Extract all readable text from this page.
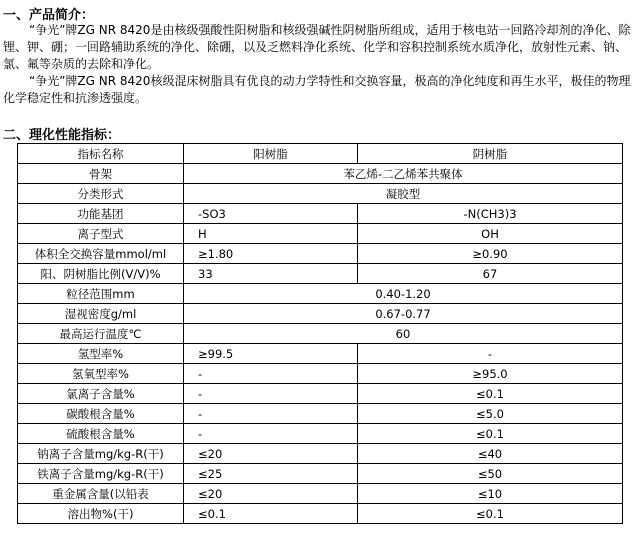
一、产品简介：
“争光”牌ZG NR 8420是由核级强酸性阳树脂和核级强碱性阴树脂所组成，适用于核电站一回路冷却剂的净化、除锂、钾、硼；一回路辅助系统的净化、除硼，以及乏燃料净化系统、化学和容积控制系统水质净化，放射性元素、钠、氯、氟等杂质的去除和净化。
“争光”牌ZG NR 8420核级混床树脂具有优良的动力学特性和交换容量，极高的净化纯度和再生水平，极佳的物理化学稳定性和抗渗透强度。
二、理化性能指标：
指标名称	阳树脂	阴树脂
骨架	苯乙烯-二乙烯苯共聚体	
分类形式	凝胶型	
功能基团	-SO3	-N(CH3)3
离子型式	H	OH
体积全交换容量mmol/ml	≥1.80	≥0.90
阳、阴树脂比例(V/V)%	33	67
粒径范围mm	0.40-1.20	
湿视密度g/ml	0.67-0.77	
最高运行温度℃	60	
氢型率%	≥99.5	-
氢氧型率%	-	≥95.0
氯离子含量%	-	≤0.1
碳酸根含量%	-	≤5.0
硫酸根含量%	-	≤0.1
钠离子含量mg/kg-R(干)	≤20	≤40
铁离子含量mg/kg-R(干)	≤25	≤50
重金属含量(以铅表	≤20	≤10
溶出物%(干)	≤0.1	≤0.1
